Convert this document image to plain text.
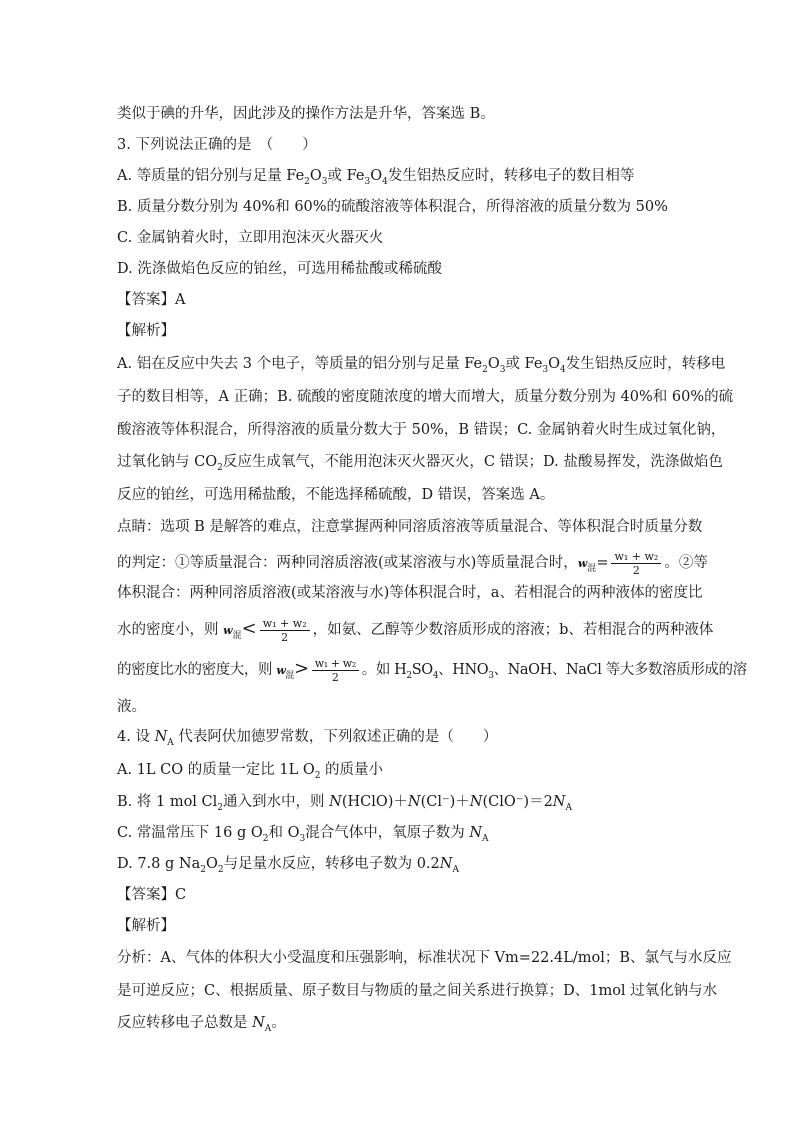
类似于碘的升华，因此涉及的操作方法是升华，答案选 B。
3. 下列说法正确的是　（　　）
A. 等质量的铝分别与足量 $Fe_2O_3$或 $Fe_3O_4$发生铝热反应时，转移电子的数目相等
B. 质量分数分别为 40%和 60%的硫酸溶液等体积混合，所得溶液的质量分数为 50%
C. 金属钠着火时，立即用泡沫灭火器灭火
D. 洗涤做焰色反应的铂丝，可选用稀盐酸或稀硫酸
【答案】A
【解析】
A. 铝在反应中失去 3 个电子，等质量的铝分别与足量 $Fe_2O_3$或 $Fe_3O_4$发生铝热反应时，转移电
子的数目相等，A 正确；B. 硫酸的密度随浓度的增大而增大，质量分数分别为 40%和 60%的硫
酸溶液等体积混合，所得溶液的质量分数大于 50%，B 错误；C. 金属钠着火时生成过氧化钠，
过氧化钠与 $CO_2$反应生成氧气，不能用泡沫灭火器灭火，C 错误；D. 盐酸易挥发，洗涤做焰色
反应的铂丝，可选用稀盐酸，不能选择稀硫酸，D 错误，答案选 A。
点睛：选项 B 是解答的难点，注意掌握两种同溶质溶液等质量混合、等体积混合时质量分数
的判定：①等质量混合：两种同溶质溶液(或某溶液与水)等质量混合时，$w_混= \frac{\text{w₁ + w₂}}{2}$ 。②等
体积混合：两种同溶质溶液(或某溶液与水)等体积混合时，a、若相混合的两种液体的密度比
水的密度小，则 $w_混< \frac{\text{w₁ + w₂}}{2}$ ，如氨、乙醇等少数溶质形成的溶液；b、若相混合的两种液体
的密度比水的密度大，则 $w_混> \frac{\text{w₁ + w₂}}{2}$ 。如 $H_2SO_4$、$HNO_3$、NaOH、NaCl 等大多数溶质形成的溶
液。
4. 设 $N_A$ 代表阿伏加德罗常数，下列叙述正确的是（　　）
A. 1L CO 的质量一定比 1L $O_2$ 的质量小
B. 将 1 mol $Cl_2$通入到水中，则 $N(HClO)+N(Cl^-)+N(ClO^-)=2N_A$
C. 常温常压下 16 g $O_2$和 $O_3$混合气体中，氧原子数为 $N_A$
D. 7.8 g $Na_2O_2$与足量水反应，转移电子数为 $0.2N_A$
【答案】C
【解析】
分析：A、气体的体积大小受温度和压强影响，标准状况下 Vm=22.4L/mol；B、氯气与水反应
是可逆反应；C、根据质量、原子数目与物质的量之间关系进行换算；D、1mol 过氧化钠与水
反应转移电子总数是 $N_A$。
